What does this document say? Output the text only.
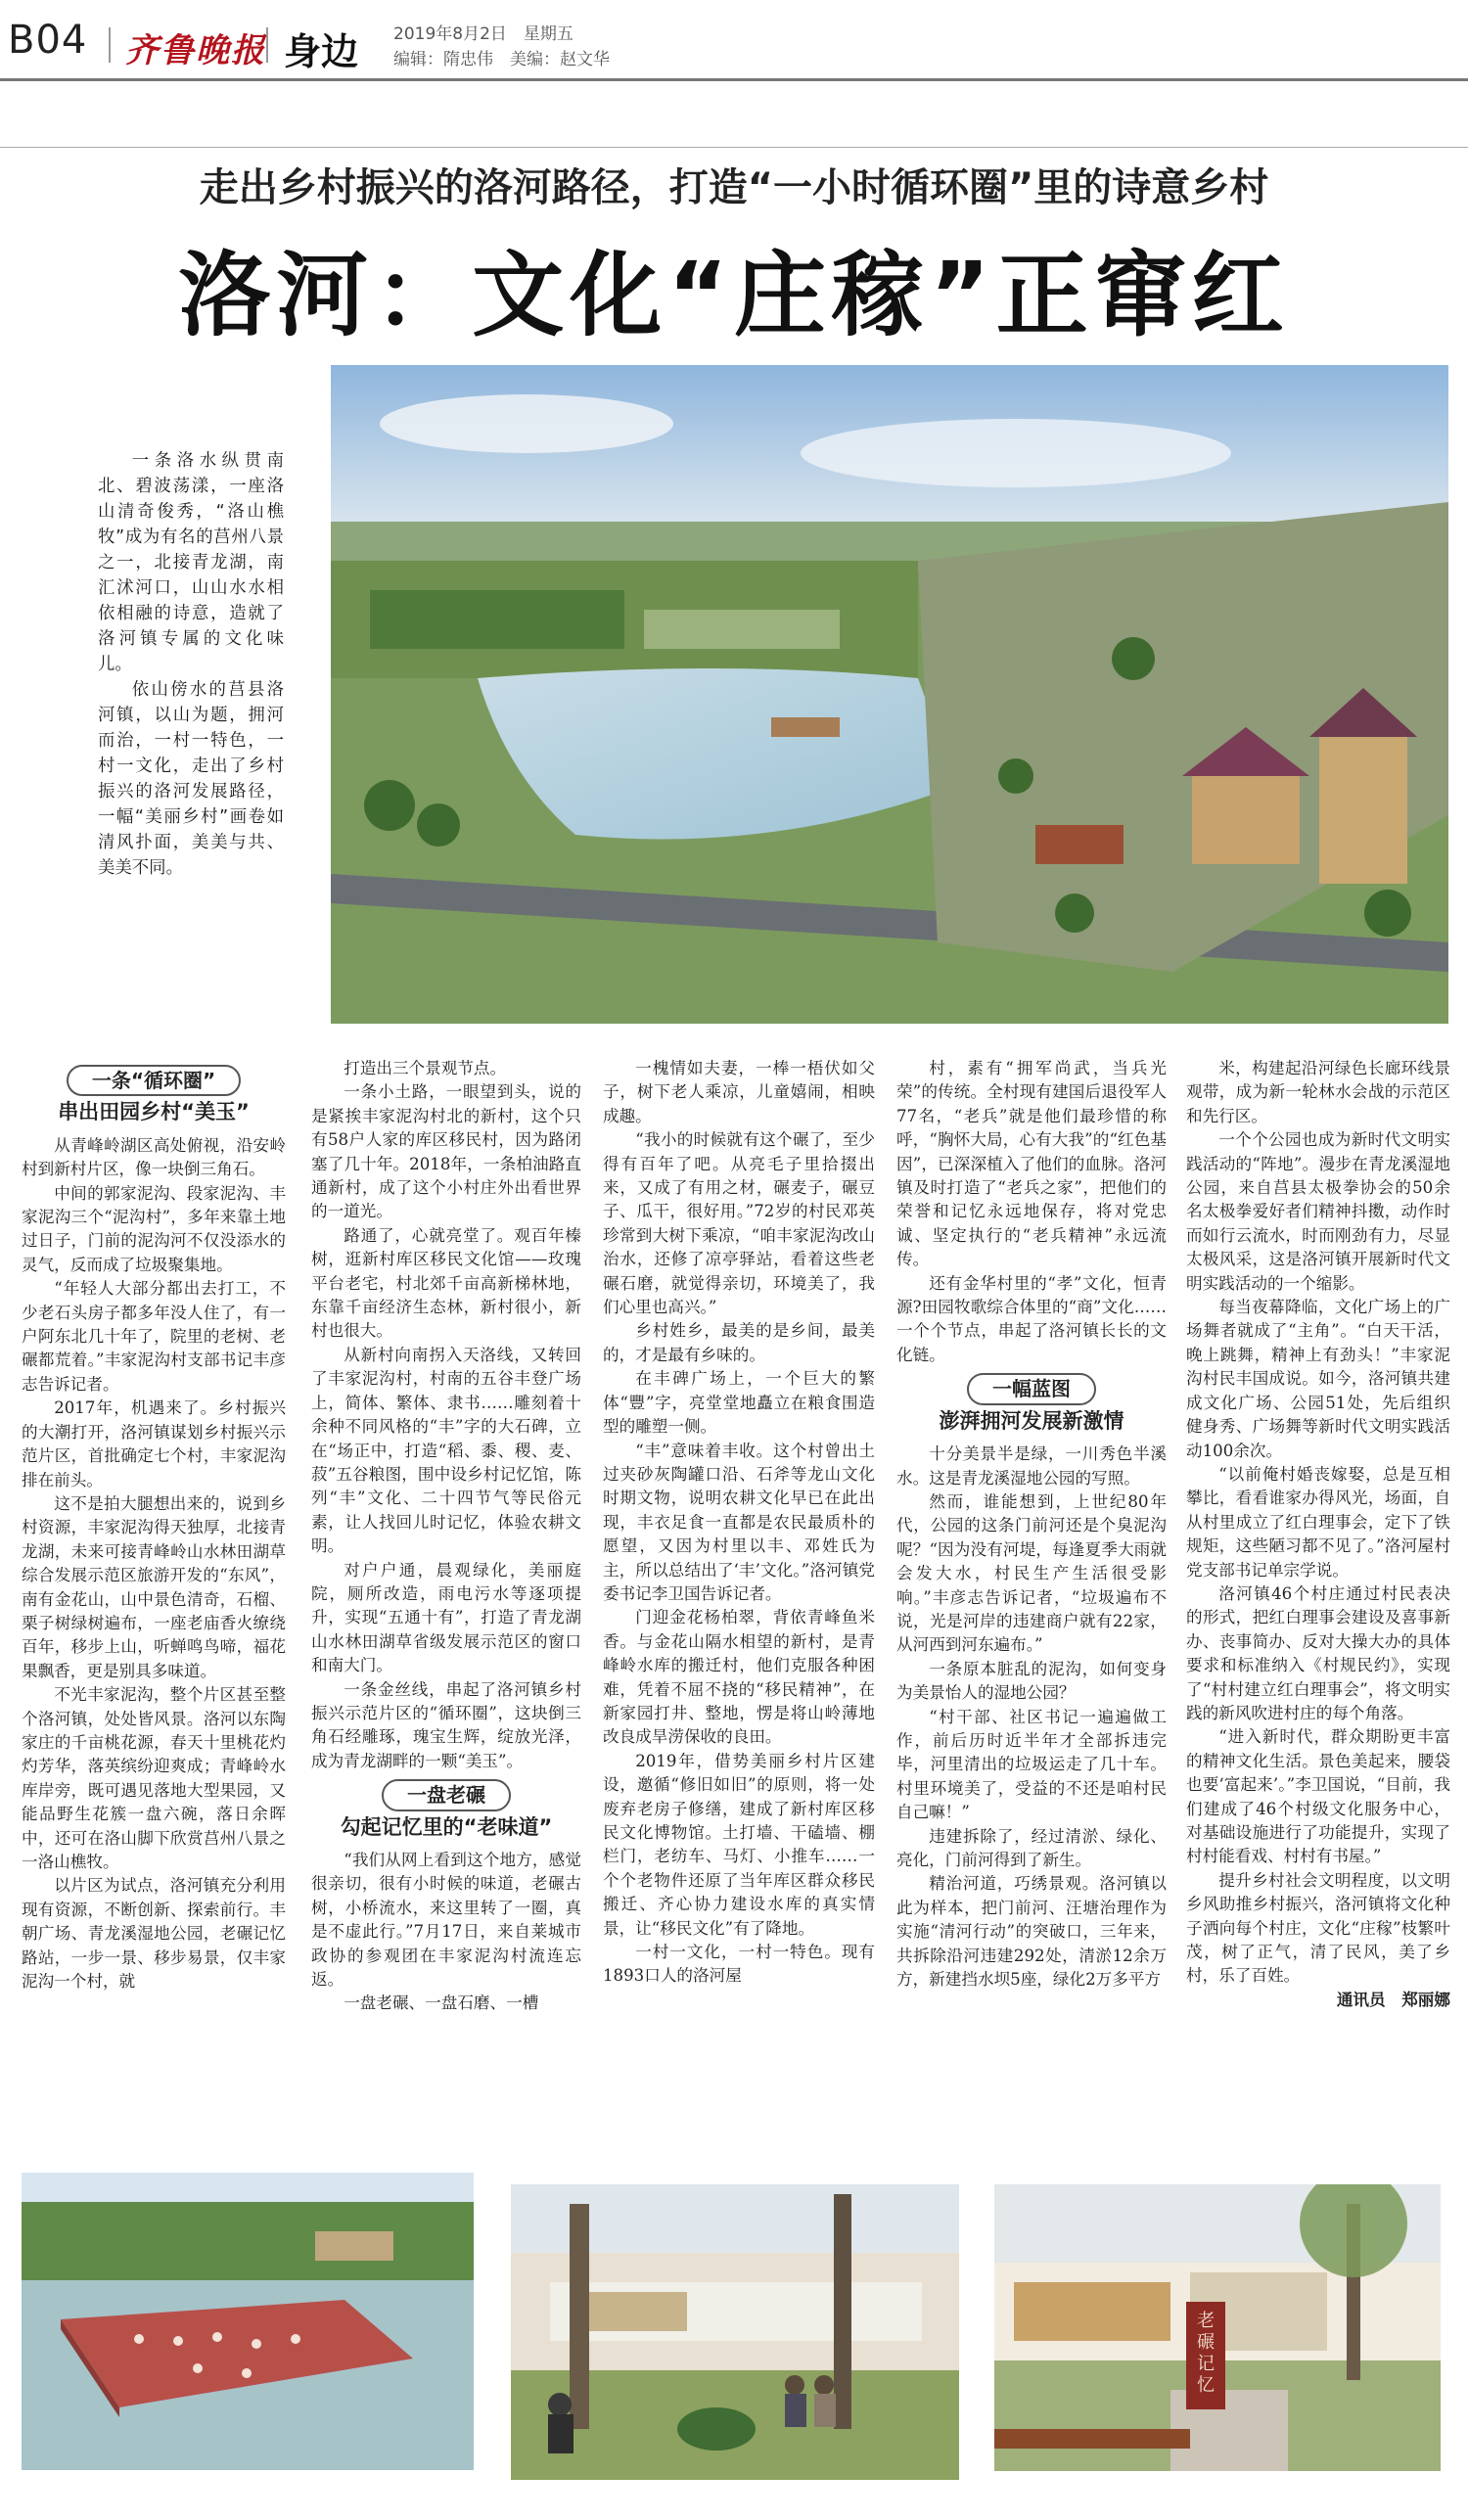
B04 齐鲁晚报 身边 2019年8月2日　星期五
编辑：隋忠伟　美编：赵文华
走出乡村振兴的洛河路径，打造“一小时循环圈”里的诗意乡村
洛河：文化“庄稼”正窜红

一条洛水纵贯南北、碧波荡漾，一座洛山清奇俊秀，“洛山樵牧”成为有名的莒州八景之一，北接青龙湖，南汇沭河口，山山水水相依相融的诗意，造就了洛河镇专属的文化味儿。

依山傍水的莒县洛河镇，以山为题，拥河而治，一村一特色，一村一文化，走出了乡村振兴的洛河发展路径，一幅“美丽乡村”画卷如清风扑面，美美与共、美美不同。

一条“循环圈”
串出田园乡村“美玉”

从青峰岭湖区高处俯视，沿安岭村到新村片区，像一块倒三角石。

中间的郭家泥沟、段家泥沟、丰家泥沟三个“泥沟村”，多年来靠土地过日子，门前的泥沟河不仅没添水的灵气，反而成了垃圾聚集地。

“年轻人大部分都出去打工，不少老石头房子都多年没人住了，有一户阿东北几十年了，院里的老树、老碾都荒着。”丰家泥沟村支部书记丰彦志告诉记者。

2017年，机遇来了。乡村振兴的大潮打开，洛河镇谋划乡村振兴示范片区，首批确定七个村，丰家泥沟排在前头。

这不是拍大腿想出来的，说到乡村资源，丰家泥沟得天独厚，北接青龙湖，未来可接青峰岭山水林田湖草综合发展示范区旅游开发的“东风”，南有金花山，山中景色清奇，石榴、栗子树绿树遍布，一座老庙香火缭绕百年，移步上山，听蝉鸣鸟啼，福花果飘香，更是别具多味道。

不光丰家泥沟，整个片区甚至整个洛河镇，处处皆风景。洛河以东陶家庄的千亩桃花源，春天十里桃花灼灼芳华，落英缤纷迎爽成；青峰岭水库岸旁，既可遇见落地大型果园，又能品野生花簇一盘六碗，落日余晖中，还可在洛山脚下欣赏莒州八景之一洛山樵牧。

以片区为试点，洛河镇充分利用现有资源，不断创新、探索前行。丰朝广场、青龙溪湿地公园，老碾记忆路站，一步一景、移步易景，仅丰家泥沟一个村，就

打造出三个景观节点。

一条小土路，一眼望到头，说的是紧挨丰家泥沟村北的新村，这个只有58户人家的库区移民村，因为路闭塞了几十年。2018年，一条柏油路直通新村，成了这个小村庄外出看世界的一道光。

路通了，心就亮堂了。观百年榛树，逛新村库区移民文化馆——玫瑰平台老宅，村北郊千亩高新梯林地，东靠千亩经济生态林，新村很小，新村也很大。

从新村向南拐入天洛线，又转回了丰家泥沟村，村南的五谷丰登广场上，简体、繁体、隶书……雕刻着十余种不同风格的“丰”字的大石碑，立在“场正中，打造“稻、黍、稷、麦、菽”五谷粮图，围中设乡村记忆馆，陈列“丰”文化、二十四节气等民俗元素，让人找回儿时记忆，体验农耕文明。

对户户通，晨观绿化，美丽庭院，厕所改造，雨电污水等逐项提升，实现“五通十有”，打造了青龙湖山水林田湖草省级发展示范区的窗口和南大门。

一条金丝线，串起了洛河镇乡村振兴示范片区的“循环圈”，这块倒三角石经雕琢，瑰宝生辉，绽放光泽，成为青龙湖畔的一颗“美玉”。

一盘老碾
勾起记忆里的“老味道”

“我们从网上看到这个地方，感觉很亲切，很有小时候的味道，老碾古树，小桥流水，来这里转了一圈，真是不虚此行。”7月17日，来自莱城市政协的参观团在丰家泥沟村流连忘返。

一盘老碾、一盘石磨、一槽

一槐情如夫妻，一棒一梧伏如父子，树下老人乘凉，儿童嬉闹，相映成趣。

“我小的时候就有这个碾了，至少得有百年了吧。从亮毛子里拾掇出来，又成了有用之材，碾麦子，碾豆子、瓜干，很好用。”72岁的村民邓英珍常到大树下乘凉，“咱丰家泥沟改山治水，还修了凉亭驿站，看着这些老碾石磨，就觉得亲切，环境美了，我们心里也高兴。”

乡村姓乡，最美的是乡间，最美的，才是最有乡味的。

在丰碑广场上，一个巨大的繁体“豐”字，亮堂堂地矗立在粮食围造型的雕塑一侧。

“丰”意味着丰收。这个村曾出土过夹砂灰陶罐口沿、石斧等龙山文化时期文物，说明农耕文化早已在此出现，丰衣足食一直都是农民最质朴的愿望，又因为村里以丰、邓姓氏为主，所以总结出了‘丰’文化。”洛河镇党委书记李卫国告诉记者。

门迎金花杨柏翠，背依青峰鱼米香。与金花山隔水相望的新村，是青峰岭水库的搬迁村，他们克服各种困难，凭着不屈不挠的“移民精神”，在新家园打井、整地，愣是将山岭薄地改良成旱涝保收的良田。

2019年，借势美丽乡村片区建设，邀循“修旧如旧”的原则，将一处废弃老房子修缮，建成了新村库区移民文化博物馆。土打墙、干磕墙、棚栏门，老纺车、马灯、小推车……一个个老物件还原了当年库区群众移民搬迁、齐心协力建设水库的真实情景，让“移民文化”有了降地。

一村一文化，一村一特色。现有1893口人的洛河屋

村，素有“拥军尚武，当兵光荣”的传统。全村现有建国后退役军人77名，“老兵”就是他们最珍惜的称呼，“胸怀大局，心有大我”的“红色基因”，已深深植入了他们的血脉。洛河镇及时打造了“老兵之家”，把他们的荣誉和记忆永远地保存，将对党忠诚、坚定执行的“老兵精神”永远流传。

还有金华村里的“孝”文化，恒青源?田园牧歌综合体里的“商”文化……一个个节点，串起了洛河镇长长的文化链。

一幅蓝图
澎湃拥河发展新激情

十分美景半是绿，一川秀色半溪水。这是青龙溪湿地公园的写照。

然而，谁能想到，上世纪80年代，公园的这条门前河还是个臭泥沟呢？“因为没有河堤，每逢夏季大雨就会发大水，村民生产生活很受影响。”丰彦志告诉记者，“垃圾遍布不说，光是河岸的违建商户就有22家，从河西到河东遍布。”

一条原本脏乱的泥沟，如何变身为美景怡人的湿地公园？

“村干部、社区书记一遍遍做工作，前后历时近半年才全部拆违完毕，河里清出的垃圾运走了几十车。村里环境美了，受益的不还是咱村民自己嘛！”

违建拆除了，经过清淤、绿化、亮化，门前河得到了新生。

精治河道，巧绣景观。洛河镇以此为样本，把门前河、汪塘治理作为实施“清河行动”的突破口，三年来，共拆除沿河违建292处，清淤12余万方，新建挡水坝5座，绿化2万多平方

米，构建起沿河绿色长廊环线景观带，成为新一轮林水会战的示范区和先行区。

一个个公园也成为新时代文明实践活动的“阵地”。漫步在青龙溪湿地公园，来自莒县太极拳协会的50余名太极拳爱好者们精神抖擞，动作时而如行云流水，时而刚劲有力，尽显太极风采，这是洛河镇开展新时代文明实践活动的一个缩影。

每当夜幕降临，文化广场上的广场舞者就成了“主角”。“白天干活，晚上跳舞，精神上有劲头！”丰家泥沟村民丰国成说。如今，洛河镇共建成文化广场、公园51处，先后组织健身秀、广场舞等新时代文明实践活动100余次。

“以前俺村婚丧嫁娶，总是互相攀比，看看谁家办得风光，场面，自从村里成立了红白理事会，定下了铁规矩，这些陋习都不见了。”洛河屋村党支部书记单宗学说。

洛河镇46个村庄通过村民表决的形式，把红白理事会建设及喜事新办、丧事简办、反对大操大办的具体要求和标准纳入《村规民约》，实现了“村村建立红白理事会”，将文明实践的新风吹进村庄的每个角落。

“进入新时代，群众期盼更丰富的精神文化生活。景色美起来，腰袋也要‘富起来’。”李卫国说，“目前，我们建成了46个村级文化服务中心，对基础设施进行了功能提升，实现了村村能看戏、村村有书屋。”

提升乡村社会文明程度，以文明乡风助推乡村振兴，洛河镇将文化种子洒向每个村庄，文化“庄稼”枝繁叶茂，树了正气，清了民风，美了乡村，乐了百姓。

通讯员　郑丽娜
老碾记忆
